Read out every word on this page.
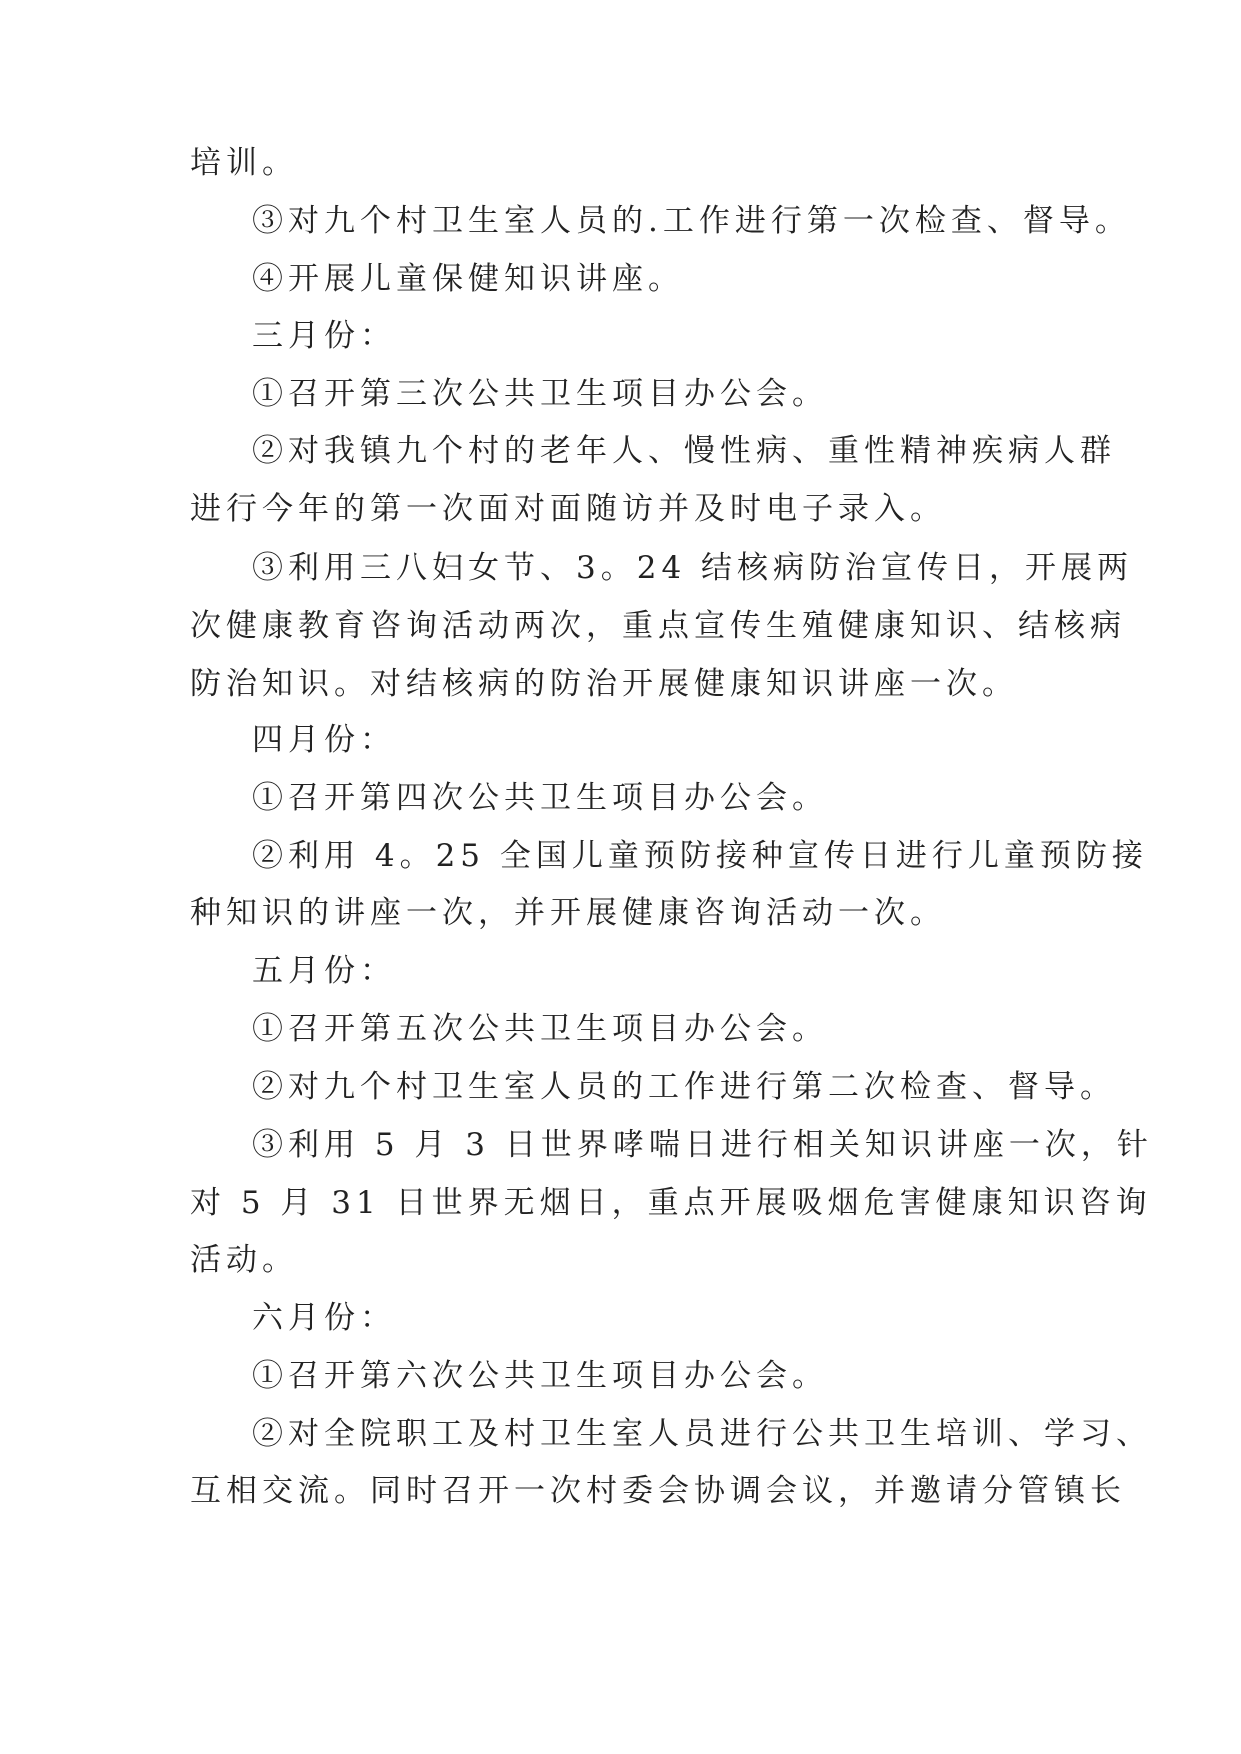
培训。
③对九个村卫生室人员的.工作进行第一次检查、督导。
④开展儿童保健知识讲座。
三月份：
①召开第三次公共卫生项目办公会。
②对我镇九个村的老年人、慢性病、重性精神疾病人群
进行今年的第一次面对面随访并及时电子录入。
③利用三八妇女节、3。24 结核病防治宣传日，开展两
次健康教育咨询活动两次，重点宣传生殖健康知识、结核病
防治知识。对结核病的防治开展健康知识讲座一次。
四月份：
①召开第四次公共卫生项目办公会。
②利用 4。25 全国儿童预防接种宣传日进行儿童预防接
种知识的讲座一次，并开展健康咨询活动一次。
五月份：
①召开第五次公共卫生项目办公会。
②对九个村卫生室人员的工作进行第二次检查、督导。
③利用 5 月 3 日世界哮喘日进行相关知识讲座一次，针
对 5 月 31 日世界无烟日，重点开展吸烟危害健康知识咨询
活动。
六月份：
①召开第六次公共卫生项目办公会。
②对全院职工及村卫生室人员进行公共卫生培训、学习、
互相交流。同时召开一次村委会协调会议，并邀请分管镇长
